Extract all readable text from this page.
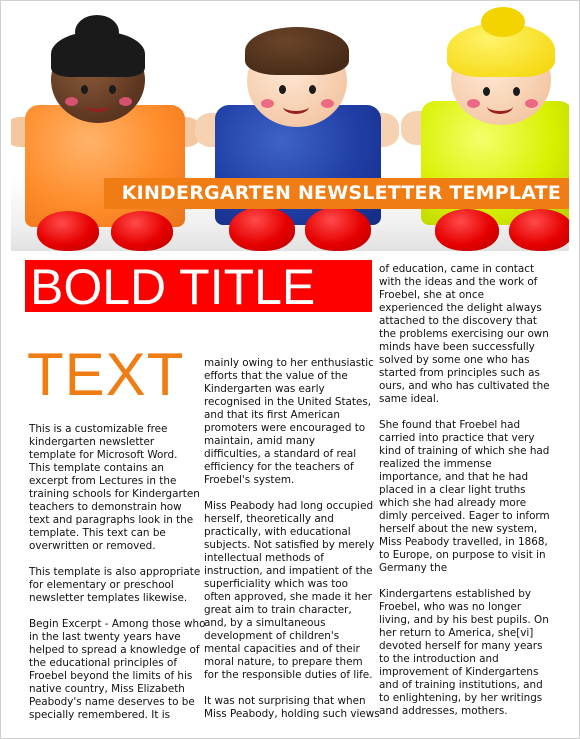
KINDERGARTEN NEWSLETTER TEMPLATE
BOLD TITLE
TEXT

This is a customizable free
kindergarten newsletter
template for Microsoft Word.
This template contains an
excerpt from Lectures in the
training schools for Kindergarten
teachers to demonstrain how
text and paragraphs look in the
template. This text can be
overwritten or removed.

This template is also appropriate
for elementary or preschool
newsletter templates likewise.

Begin Excerpt - Among those who
in the last twenty years have
helped to spread a knowledge of
the educational principles of
Froebel beyond the limits of his
native country, Miss Elizabeth
Peabody's name deserves to be
specially remembered. It is

mainly owing to her enthusiastic
efforts that the value of the
Kindergarten was early
recognised in the United States,
and that its first American
promoters were encouraged to
maintain, amid many
difficulties, a standard of real
efficiency for the teachers of
Froebel's system.

Miss Peabody had long occupied
herself, theoretically and
practically, with educational
subjects. Not satisfied by merely
intellectual methods of
instruction, and impatient of the
superficiality which was too
often approved, she made it her
great aim to train character,
and, by a simultaneous
development of children's
mental capacities and of their
moral nature, to prepare them
for the responsible duties of life.

It was not surprising that when
Miss Peabody, holding such views

of education, came in contact
with the ideas and the work of
Froebel, she at once
experienced the delight always
attached to the discovery that
the problems exercising our own
minds have been successfully
solved by some one who has
started from principles such as
ours, and who has cultivated the
same ideal.

She found that Froebel had
carried into practice that very
kind of training of which she had
realized the immense
importance, and that he had
placed in a clear light truths
which she had already more
dimly perceived. Eager to inform
herself about the new system,
Miss Peabody travelled, in 1868,
to Europe, on purpose to visit in
Germany the

Kindergartens established by
Froebel, who was no longer
living, and by his best pupils. On
her return to America, she[vi]
devoted herself for many years
to the introduction and
improvement of Kindergartens
and of training institutions, and
to enlightening, by her writings
and addresses, mothers.
